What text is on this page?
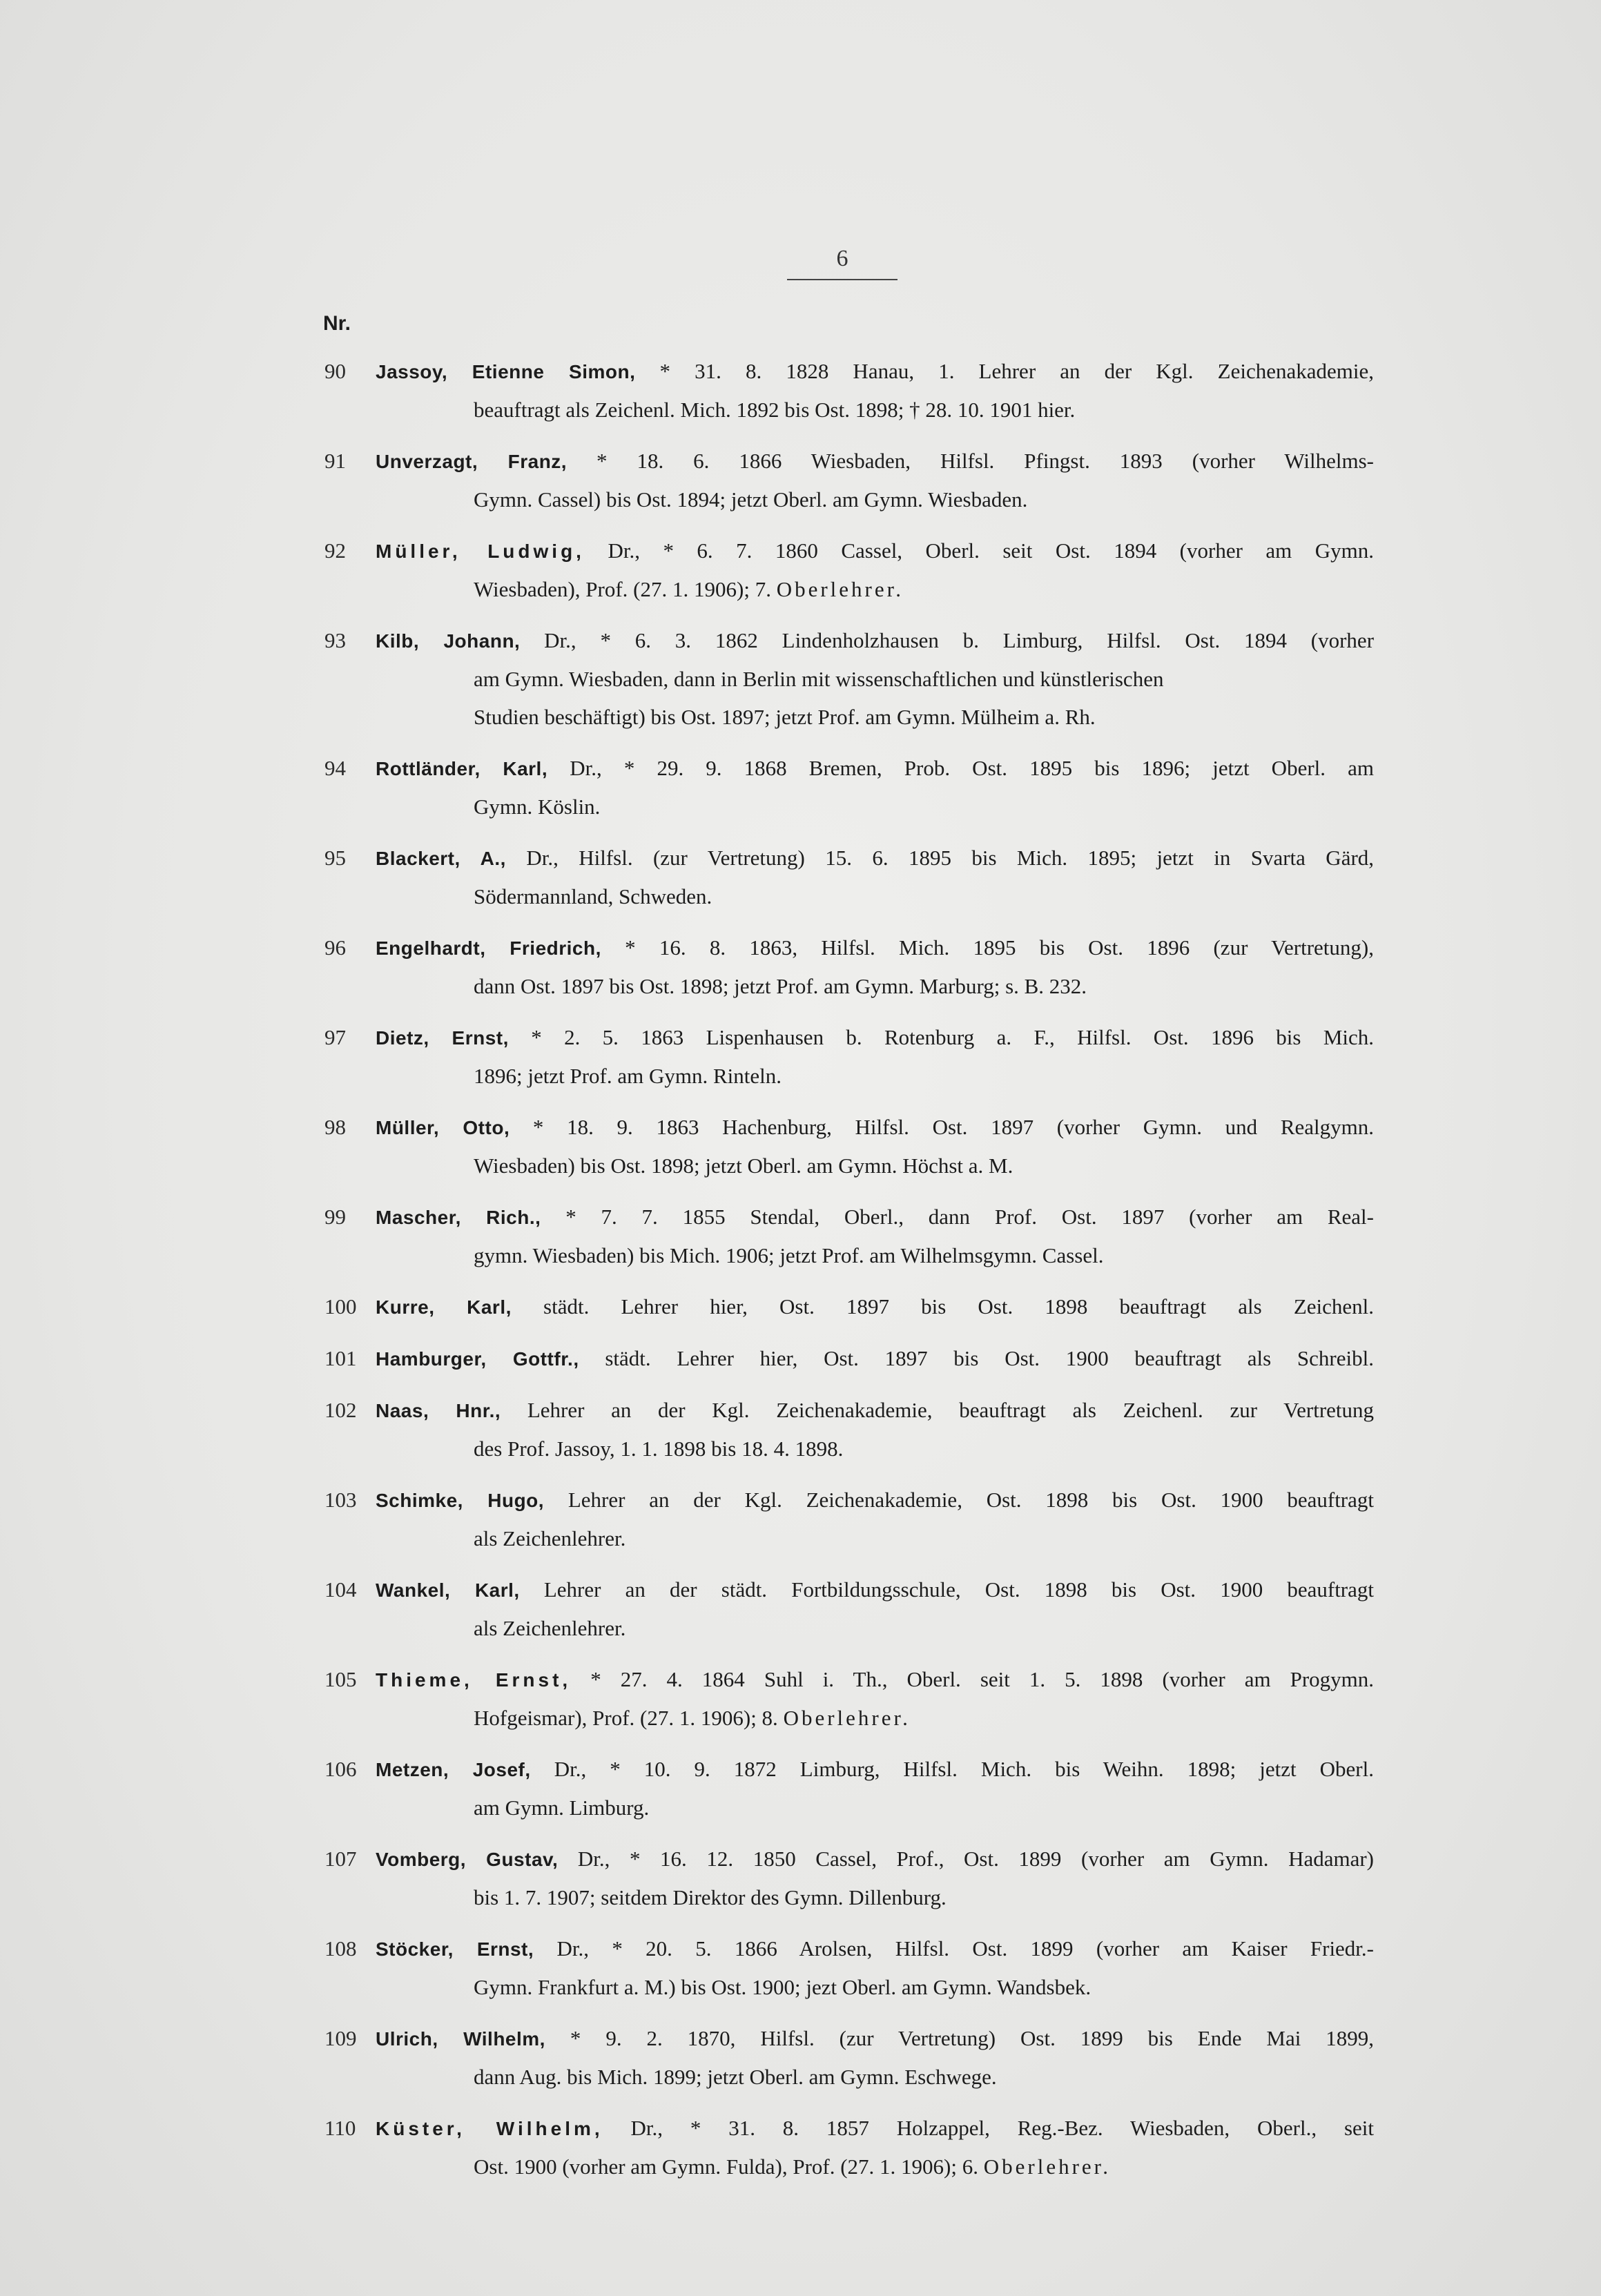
6
Nr.
90	Jassoy, Etienne Simon, * 31. 8. 1828 Hanau, 1. Lehrer an der Kgl. Zeichenakademie,
beauftragt als Zeichenl. Mich. 1892 bis Ost. 1898; † 28. 10. 1901 hier.
91	Unverzagt, Franz, * 18. 6. 1866 Wiesbaden, Hilfsl. Pfingst. 1893 (vorher Wilhelms-
Gymn. Cassel) bis Ost. 1894; jetzt Oberl. am Gymn. Wiesbaden.
92	Müller, Ludwig, Dr., * 6. 7. 1860 Cassel, Oberl. seit Ost. 1894 (vorher am Gymn.
Wiesbaden), Prof. (27. 1. 1906); 7. Oberlehrer.
93	Kilb, Johann, Dr., * 6. 3. 1862 Lindenholzhausen b. Limburg, Hilfsl. Ost. 1894 (vorher
am Gymn. Wiesbaden, dann in Berlin mit wissenschaftlichen und künstlerischen
Studien beschäftigt) bis Ost. 1897; jetzt Prof. am Gymn. Mülheim a. Rh.
94	Rottländer, Karl, Dr., * 29. 9. 1868 Bremen, Prob. Ost. 1895 bis 1896; jetzt Oberl. am
Gymn. Köslin.
95	Blackert, A., Dr., Hilfsl. (zur Vertretung) 15. 6. 1895 bis Mich. 1895; jetzt in Svarta Gärd,
Södermannland, Schweden.
96	Engelhardt, Friedrich, * 16. 8. 1863, Hilfsl. Mich. 1895 bis Ost. 1896 (zur Vertretung),
dann Ost. 1897 bis Ost. 1898; jetzt Prof. am Gymn. Marburg; s. B. 232.
97	Dietz, Ernst, * 2. 5. 1863 Lispenhausen b. Rotenburg a. F., Hilfsl. Ost. 1896 bis Mich.
1896; jetzt Prof. am Gymn. Rinteln.
98	Müller, Otto, * 18. 9. 1863 Hachenburg, Hilfsl. Ost. 1897 (vorher Gymn. und Realgymn.
Wiesbaden) bis Ost. 1898; jetzt Oberl. am Gymn. Höchst a. M.
99	Mascher, Rich., * 7. 7. 1855 Stendal, Oberl., dann Prof. Ost. 1897 (vorher am Real-
gymn. Wiesbaden) bis Mich. 1906; jetzt Prof. am Wilhelmsgymn. Cassel.
100 Kurre, Karl, städt. Lehrer hier, Ost. 1897 bis Ost. 1898 beauftragt als Zeichenl.
101 Hamburger, Gottfr., städt. Lehrer hier, Ost. 1897 bis Ost. 1900 beauftragt als Schreibl.
102 Naas, Hnr., Lehrer an der Kgl. Zeichenakademie, beauftragt als Zeichenl. zur Vertretung
des Prof. Jassoy, 1. 1. 1898 bis 18. 4. 1898.
103 Schimke, Hugo, Lehrer an der Kgl. Zeichenakademie, Ost. 1898 bis Ost. 1900 beauftragt
als Zeichenlehrer.
104 Wankel, Karl, Lehrer an der städt. Fortbildungsschule, Ost. 1898 bis Ost. 1900 beauftragt
als Zeichenlehrer.
105 Thieme, Ernst, * 27. 4. 1864 Suhl i. Th., Oberl. seit 1. 5. 1898 (vorher am Progymn.
Hofgeismar), Prof. (27. 1. 1906); 8. Oberlehrer.
106 Metzen, Josef, Dr., * 10. 9. 1872 Limburg, Hilfsl. Mich. bis Weihn. 1898; jetzt Oberl.
am Gymn. Limburg.
107 Vomberg, Gustav, Dr., * 16. 12. 1850 Cassel, Prof., Ost. 1899 (vorher am Gymn. Hadamar)
bis 1. 7. 1907; seitdem Direktor des Gymn. Dillenburg.
108 Stöcker, Ernst, Dr., * 20. 5. 1866 Arolsen, Hilfsl. Ost. 1899 (vorher am Kaiser Friedr.-
Gymn. Frankfurt a. M.) bis Ost. 1900; jezt Oberl. am Gymn. Wandsbek.
109 Ulrich, Wilhelm, * 9. 2. 1870, Hilfsl. (zur Vertretung) Ost. 1899 bis Ende Mai 1899,
dann Aug. bis Mich. 1899; jetzt Oberl. am Gymn. Eschwege.
110	Küster, Wilhelm, Dr., * 31. 8. 1857 Holzappel, Reg.-Bez. Wiesbaden, Oberl., seit
Ost. 1900 (vorher am Gymn. Fulda), Prof. (27. 1. 1906); 6. Oberlehrer.
